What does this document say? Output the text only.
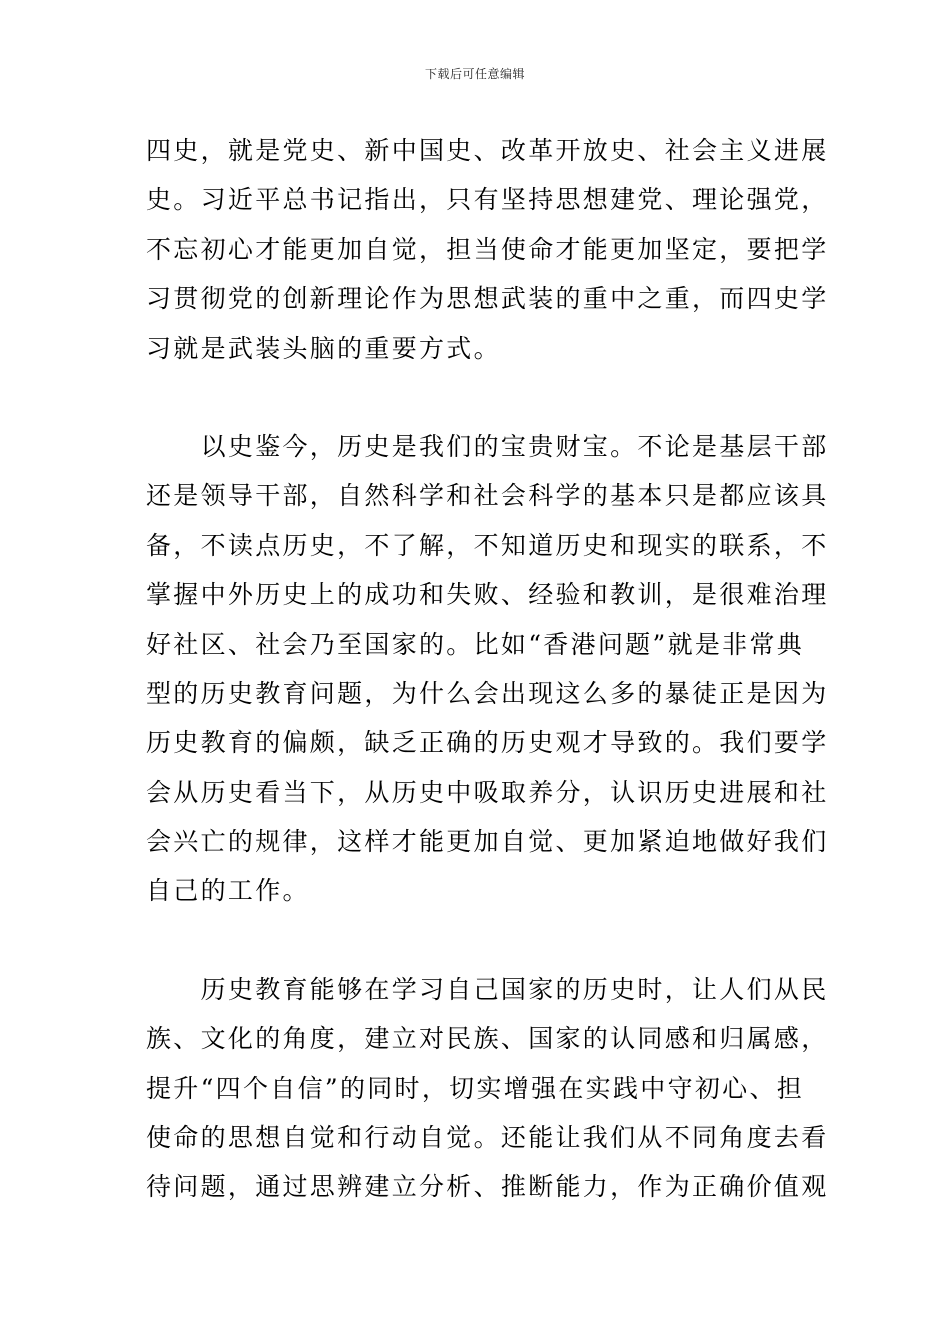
下载后可任意编辑
四史，就是党史、新中国史、改革开放史、社会主义进展
史。习近平总书记指出，只有坚持思想建党、理论强党，
不忘初心才能更加自觉，担当使命才能更加坚定，要把学
习贯彻党的创新理论作为思想武装的重中之重，而四史学
习就是武装头脑的重要方式。
　　以史鉴今，历史是我们的宝贵财宝。不论是基层干部
还是领导干部，自然科学和社会科学的基本只是都应该具
备，不读点历史，不了解，不知道历史和现实的联系，不
掌握中外历史上的成功和失败、经验和教训，是很难治理
好社区、社会乃至国家的。比如“香港问题”就是非常典
型的历史教育问题，为什么会出现这么多的暴徒正是因为
历史教育的偏颇，缺乏正确的历史观才导致的。我们要学
会从历史看当下，从历史中吸取养分，认识历史进展和社
会兴亡的规律，这样才能更加自觉、更加紧迫地做好我们
自己的工作。
　　历史教育能够在学习自己国家的历史时，让人们从民
族、文化的角度，建立对民族、国家的认同感和归属感，
提升“四个自信”的同时，切实增强在实践中守初心、担
使命的思想自觉和行动自觉。还能让我们从不同角度去看
待问题，通过思辨建立分析、推断能力，作为正确价值观
